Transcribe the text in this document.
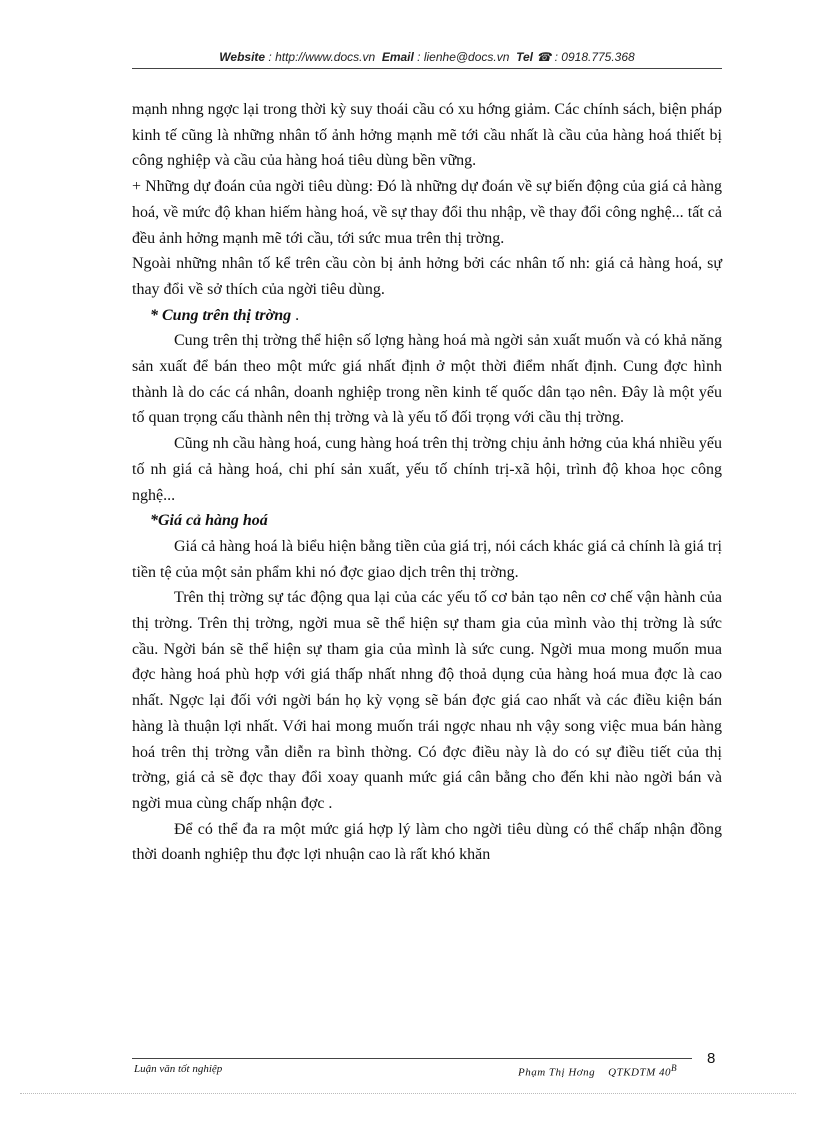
Website : http://www.docs.vn Email : lienhe@docs.vn Tel ☎ : 0918.775.368

mạnh nhng ngợc lại trong thời kỳ suy thoái cầu có xu hớng giảm. Các chính sách, biện pháp kinh tế cũng là những nhân tố ảnh hởng mạnh mẽ tới cầu nhất là cầu của hàng hoá thiết bị công nghiệp và cầu của hàng hoá tiêu dùng bền vững.

+ Những dự đoán của ngời tiêu dùng: Đó là những dự đoán về sự biến động của giá cả hàng hoá, về mức độ khan hiếm hàng hoá, về sự thay đổi thu nhập, về thay đổi công nghệ... tất cả đều ảnh hởng mạnh mẽ tới cầu, tới sức mua trên thị trờng.

Ngoài những nhân tố kể trên cầu còn bị ảnh hởng bởi các nhân tố nh: giá cả hàng hoá, sự thay đổi về sở thích của ngời tiêu dùng.

* Cung trên thị trờng .

Cung trên thị trờng thể hiện số lợng hàng hoá mà ngời sản xuất muốn và có khả năng sản xuất để bán theo một mức giá nhất định ở một thời điểm nhất định. Cung đợc hình thành là do các cá nhân, doanh nghiệp trong nền kinh tế quốc dân tạo nên. Đây là một yếu tố quan trọng cấu thành nên thị trờng và là yếu tố đối trọng với cầu thị trờng.

Cũng nh cầu hàng hoá, cung hàng hoá trên thị trờng chịu ảnh hởng của khá nhiều yếu tố nh giá cả hàng hoá, chi phí sản xuất, yếu tố chính trị-xã hội, trình độ khoa học công nghệ...

*Giá cả hàng hoá

Giá cả hàng hoá là biểu hiện bằng tiền của giá trị, nói cách khác giá cả chính là giá trị tiền tệ của một sản phẩm khi nó đợc giao dịch trên thị trờng.

Trên thị trờng sự tác động qua lại của các yếu tố cơ bản tạo nên cơ chế vận hành của thị trờng. Trên thị trờng, ngời mua sẽ thể hiện sự tham gia của mình vào thị trờng là sức cầu. Ngời bán sẽ thể hiện sự tham gia của mình là sức cung. Ngời mua mong muốn mua đợc hàng hoá phù hợp với giá thấp nhất nhng độ thoả dụng của hàng hoá mua đợc là cao nhất. Ngợc lại đối với ngời bán họ kỳ vọng sẽ bán đợc giá cao nhất và các điều kiện bán hàng là thuận lợi nhất. Với hai mong muốn trái ngợc nhau nh vậy song việc mua bán hàng hoá trên thị trờng vẫn diễn ra bình thờng. Có đợc điều này là do có sự điều tiết của thị trờng, giá cả sẽ đợc thay đổi xoay quanh mức giá cân bằng cho đến khi nào ngời bán và ngời mua cùng chấp nhận đợc .

Để có thể đa ra một mức giá hợp lý làm cho ngời tiêu dùng có thể chấp nhận đồng thời doanh nghiệp thu đợc lợi nhuận cao là rất khó khăn

Luận văn tốt nghiệp	Phạm Thị Hơng QTKDTM $40^B$
8
